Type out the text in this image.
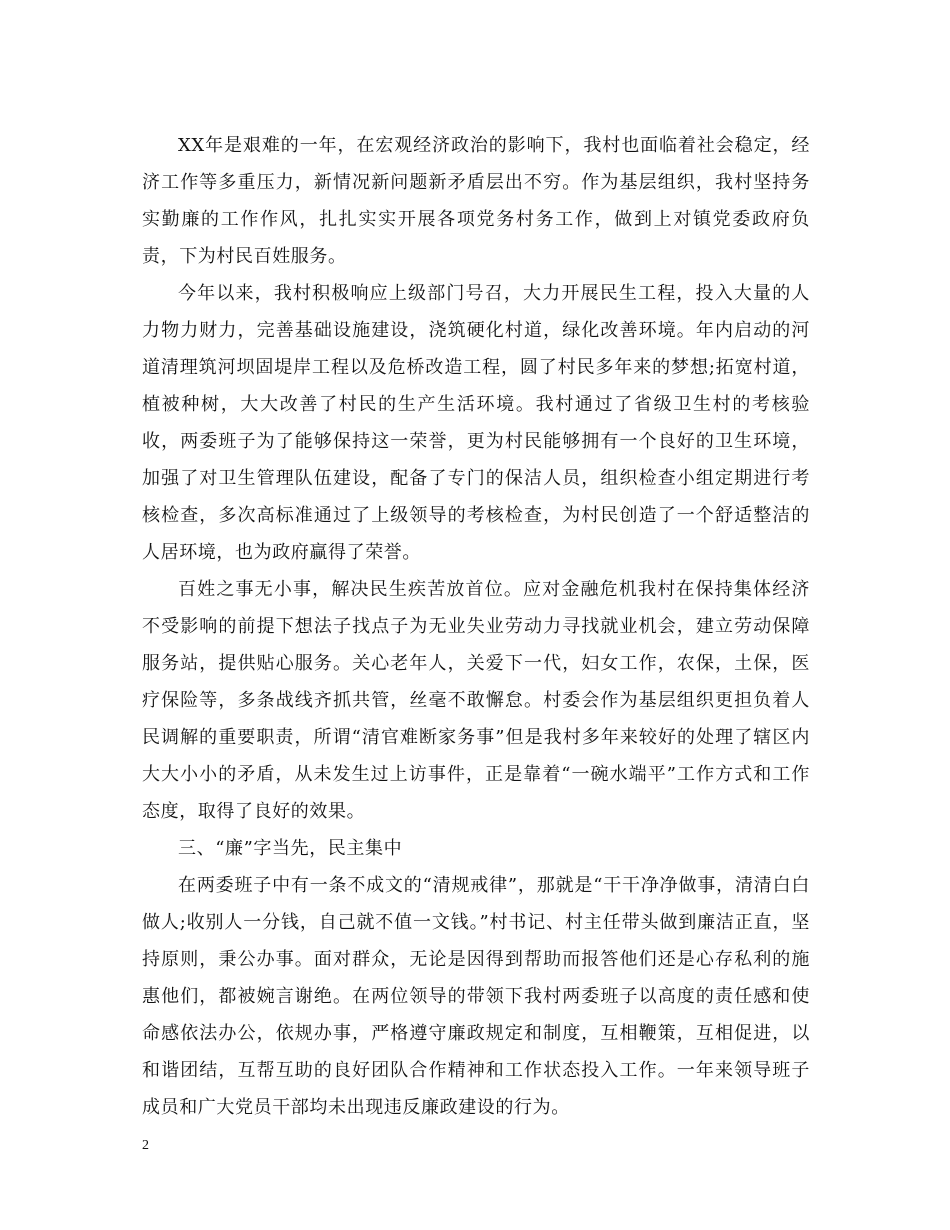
XX年是艰难的一年，在宏观经济政治的影响下，我村也面临着社会稳定，经济工作等多重压力，新情况新问题新矛盾层出不穷。作为基层组织，我村坚持务实勤廉的工作作风，扎扎实实开展各项党务村务工作，做到上对镇党委政府负责，下为村民百姓服务。

今年以来，我村积极响应上级部门号召，大力开展民生工程，投入大量的人力物力财力，完善基础设施建设，浇筑硬化村道，绿化改善环境。年内启动的河道清理筑河坝固堤岸工程以及危桥改造工程，圆了村民多年来的梦想;拓宽村道，植被种树，大大改善了村民的生产生活环境。我村通过了省级卫生村的考核验收，两委班子为了能够保持这一荣誉，更为村民能够拥有一个良好的卫生环境，加强了对卫生管理队伍建设，配备了专门的保洁人员，组织检查小组定期进行考核检查，多次高标准通过了上级领导的考核检查，为村民创造了一个舒适整洁的人居环境，也为政府赢得了荣誉。

百姓之事无小事，解决民生疾苦放首位。应对金融危机我村在保持集体经济不受影响的前提下想法子找点子为无业失业劳动力寻找就业机会，建立劳动保障服务站，提供贴心服务。关心老年人，关爱下一代，妇女工作，农保，土保，医疗保险等，多条战线齐抓共管，丝毫不敢懈怠。村委会作为基层组织更担负着人民调解的重要职责，所谓“清官难断家务事”但是我村多年来较好的处理了辖区内大大小小的矛盾，从未发生过上访事件，正是靠着“一碗水端平”工作方式和工作态度，取得了良好的效果。

三、“廉”字当先，民主集中

在两委班子中有一条不成文的“清规戒律”，那就是“干干净净做事，清清白白做人;收别人一分钱，自己就不值一文钱。”村书记、村主任带头做到廉洁正直，坚持原则，秉公办事。面对群众，无论是因得到帮助而报答他们还是心存私利的施惠他们，都被婉言谢绝。在两位领导的带领下我村两委班子以高度的责任感和使命感依法办公，依规办事，严格遵守廉政规定和制度，互相鞭策，互相促进，以和谐团结，互帮互助的良好团队合作精神和工作状态投入工作。一年来领导班子成员和广大党员干部均未出现违反廉政建设的行为。

2
